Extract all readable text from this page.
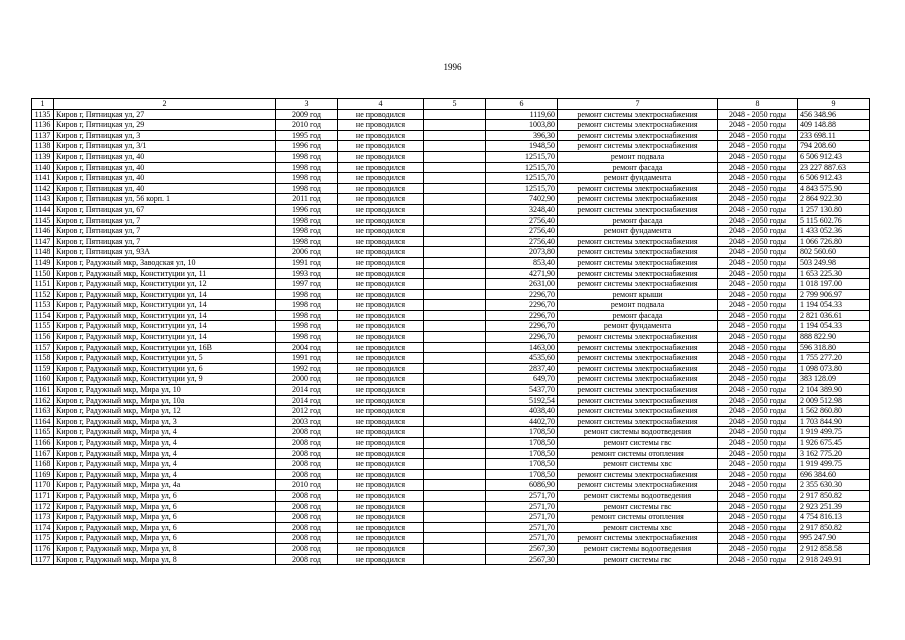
1996
1	2	3	4	5	6	7	8	9
1135	Киров г, Пятницкая ул, 27	2009 год	не проводился		1119,60	ремонт системы электроснабжения	2048 - 2050 годы	456 348.96
1136	Киров г, Пятницкая ул, 29	2010 год	не проводился		1003,80	ремонт системы электроснабжения	2048 - 2050 годы	409 148.88
1137	Киров г, Пятницкая ул, 3	1995 год	не проводился		396,30	ремонт системы электроснабжения	2048 - 2050 годы	233 698.11
1138	Киров г, Пятницкая ул, 3/1	1996 год	не проводился		1948,50	ремонт системы электроснабжения	2048 - 2050 годы	794 208.60
1139	Киров г, Пятницкая ул, 40	1998 год	не проводился		12515,70	ремонт подвала	2048 - 2050 годы	6 506 912.43
1140	Киров г, Пятницкая ул, 40	1998 год	не проводился		12515,70	ремонт фасада	2048 - 2050 годы	23 227 887.63
1141	Киров г, Пятницкая ул, 40	1998 год	не проводился		12515,70	ремонт фундамента	2048 - 2050 годы	6 506 912.43
1142	Киров г, Пятницкая ул, 40	1998 год	не проводился		12515,70	ремонт системы электроснабжения	2048 - 2050 годы	4 843 575.90
1143	Киров г, Пятницкая ул, 56 корп. 1	2011 год	не проводился		7402,90	ремонт системы электроснабжения	2048 - 2050 годы	2 864 922.30
1144	Киров г, Пятницкая ул, 67	1996 год	не проводился		3248,40	ремонт системы электроснабжения	2048 - 2050 годы	1 257 130.80
1145	Киров г, Пятницкая ул, 7	1998 год	не проводился		2756,40	ремонт фасада	2048 - 2050 годы	5 115 602.76
1146	Киров г, Пятницкая ул, 7	1998 год	не проводился		2756,40	ремонт фундамента	2048 - 2050 годы	1 433 052.36
1147	Киров г, Пятницкая ул, 7	1998 год	не проводился		2756,40	ремонт системы электроснабжения	2048 - 2050 годы	1 066 726.80
1148	Киров г, Пятницкая ул, 93А	2006 год	не проводился		2073,80	ремонт системы электроснабжения	2048 - 2050 годы	802 560.60
1149	Киров г, Радужный мкр, Заводская ул, 10	1991 год	не проводился		853,40	ремонт системы электроснабжения	2048 - 2050 годы	503 249.98
1150	Киров г, Радужный мкр, Конституции ул, 11	1993 год	не проводился		4271,90	ремонт системы электроснабжения	2048 - 2050 годы	1 653 225.30
1151	Киров г, Радужный мкр, Конституции ул, 12	1997 год	не проводился		2631,00	ремонт системы электроснабжения	2048 - 2050 годы	1 018 197.00
1152	Киров г, Радужный мкр, Конституции ул, 14	1998 год	не проводился		2296,70	ремонт крыши	2048 - 2050 годы	2 799 906.97
1153	Киров г, Радужный мкр, Конституции ул, 14	1998 год	не проводился		2296,70	ремонт подвала	2048 - 2050 годы	1 194 054.33
1154	Киров г, Радужный мкр, Конституции ул, 14	1998 год	не проводился		2296,70	ремонт фасада	2048 - 2050 годы	2 821 036.61
1155	Киров г, Радужный мкр, Конституции ул, 14	1998 год	не проводился		2296,70	ремонт фундамента	2048 - 2050 годы	1 194 054.33
1156	Киров г, Радужный мкр, Конституции ул, 14	1998 год	не проводился		2296,70	ремонт системы электроснабжения	2048 - 2050 годы	888 822.90
1157	Киров г, Радужный мкр, Конституции ул, 16В	2004 год	не проводился		1463,00	ремонт системы электроснабжения	2048 - 2050 годы	596 318.80
1158	Киров г, Радужный мкр, Конституции ул, 5	1991 год	не проводился		4535,60	ремонт системы электроснабжения	2048 - 2050 годы	1 755 277.20
1159	Киров г, Радужный мкр, Конституции ул, 6	1992 год	не проводился		2837,40	ремонт системы электроснабжения	2048 - 2050 годы	1 098 073.80
1160	Киров г, Радужный мкр, Конституции ул, 9	2000 год	не проводился		649,70	ремонт системы электроснабжения	2048 - 2050 годы	383 128.09
1161	Киров г, Радужный мкр, Мира ул, 10	2014 год	не проводился		5437,70	ремонт системы электроснабжения	2048 - 2050 годы	2 104 389.90
1162	Киров г, Радужный мкр, Мира ул, 10а	2014 год	не проводился		5192,54	ремонт системы электроснабжения	2048 - 2050 годы	2 009 512.98
1163	Киров г, Радужный мкр, Мира ул, 12	2012 год	не проводился		4038,40	ремонт системы электроснабжения	2048 - 2050 годы	1 562 860.80
1164	Киров г, Радужный мкр, Мира ул, 3	2003 год	не проводился		4402,70	ремонт системы электроснабжения	2048 - 2050 годы	1 703 844.90
1165	Киров г, Радужный мкр, Мира ул, 4	2008 год	не проводился		1708,50	ремонт системы водоотведения	2048 - 2050 годы	1 919 499.75
1166	Киров г, Радужный мкр, Мира ул, 4	2008 год	не проводился		1708,50	ремонт системы гвс	2048 - 2050 годы	1 926 675.45
1167	Киров г, Радужный мкр, Мира ул, 4	2008 год	не проводился		1708,50	ремонт системы отопления	2048 - 2050 годы	3 162 775.20
1168	Киров г, Радужный мкр, Мира ул, 4	2008 год	не проводился		1708,50	ремонт системы хвс	2048 - 2050 годы	1 919 499.75
1169	Киров г, Радужный мкр, Мира ул, 4	2008 год	не проводился		1708,50	ремонт системы электроснабжения	2048 - 2050 годы	696 384.60
1170	Киров г, Радужный мкр, Мира ул, 4а	2010 год	не проводился		6086,90	ремонт системы электроснабжения	2048 - 2050 годы	2 355 630.30
1171	Киров г, Радужный мкр, Мира ул, 6	2008 год	не проводился		2571,70	ремонт системы водоотведения	2048 - 2050 годы	2 917 850.82
1172	Киров г, Радужный мкр, Мира ул, 6	2008 год	не проводился		2571,70	ремонт системы гвс	2048 - 2050 годы	2 923 251.39
1173	Киров г, Радужный мкр, Мира ул, 6	2008 год	не проводился		2571,70	ремонт системы отопления	2048 - 2050 годы	4 754 816.13
1174	Киров г, Радужный мкр, Мира ул, 6	2008 год	не проводился		2571,70	ремонт системы хвс	2048 - 2050 годы	2 917 850.82
1175	Киров г, Радужный мкр, Мира ул, 6	2008 год	не проводился		2571,70	ремонт системы электроснабжения	2048 - 2050 годы	995 247.90
1176	Киров г, Радужный мкр, Мира ул, 8	2008 год	не проводился		2567,30	ремонт системы водоотведения	2048 - 2050 годы	2 912 858.58
1177	Киров г, Радужный мкр, Мира ул, 8	2008 год	не проводился		2567,30	ремонт системы гвс	2048 - 2050 годы	2 918 249.91
